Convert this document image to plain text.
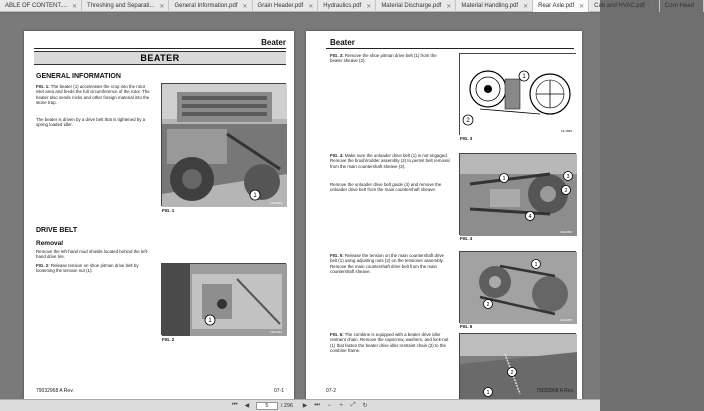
ABLE OF CONTENT.... ✕ Threshing and Separati... ✕ General Information.pdf ✕ Grain Header.pdf ✕ Hydraulics.pdf ✕ Material Discharge.pdf ✕ Material Handling.pdf ✕ Rear Axle.pdf ✕ Cab and HVAC.pdf ✕ Corn Head
Beater
BEATER
GENERAL INFORMATION
FIG. 1: The beater (1) accelerates the crop into the rotor inlet area and feeds the full circumference of the rotor. The beater also sends rocks and other foreign material into the stone trap.
The beater is driven by a drive belt that is tightened by a spring loaded idler.
1
13A2052
FIG. 1
DRIVE BELT
Removal
Remove the left-hand mud shields located behind the left-hand drive tire.
FIG. 2: Release tension on shoe pitman drive belt by loosening the tension nut (1).
1
13E1053
FIG. 2
79032968 A Rev.	07-1
Beater
FIG. 3: Remove the shoe pitman drive belt (1) from the beater sheave (2).
1
2
13-1560
FIG. 3
FIG. 4: Make sure the unloader drive belt (1) is not engaged. Remove the brush/rodder assembly (2) to permit belt removal from the main countershaft sheave (3).
Remove the unloader drive belt guide (4) and remove the unloader drive belt from the main countershaft sheave.
1	3
2
4
13E1054
FIG. 4
FIG. 5: Release the tension on the main countershaft drive belt (1) using adjusting nuts (2) on the tensioner assembly. Remove the main countershaft drive belt from the main countershaft sheave.
1
2
13E1055
FIG. 5
FIG. 6: The combine is equipped with a beater drive idler restraint chain. Remove the capscrew, washers, and lock-nut (1) that fasten the beater drive idler restraint chain (2) to the combine frame.
2
1
07-2	79032968 A Rev.
⏮	◀	5	/ 296	▶	⏭	−	+	⤢	↻
